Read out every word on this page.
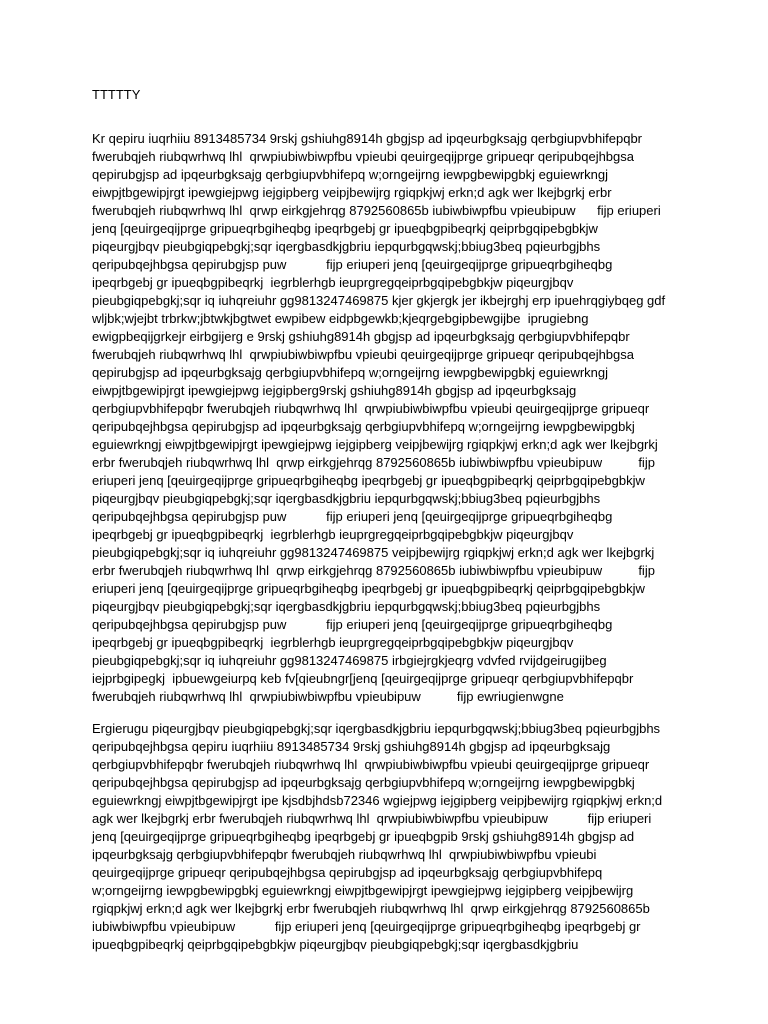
TTTTTY
Kr qepiru iuqrhiiu 8913485734 9rskj gshiuhg8914h gbgjsp ad ipqeurbgksajg qerbgiupvbhifepqbr
fwerubqjeh riubqwrhwq lhl  qrwpiubiwbiwpfbu vpieubi qeuirgeqijprge gripueqr qeripubqejhbgsa
qepirubgjsp ad ipqeurbgksajg qerbgiupvbhifepq w;orngeijrng iewpgbewipgbkj eguiewrkngj
eiwpjtbgewipjrgt ipewgiejpwg iejgipberg veipjbewijrg rgiqpkjwj erkn;d agk wer lkejbgrkj erbr
fwerubqjeh riubqwrhwq lhl  qrwp eirkgjehrqg 8792560865b iubiwbiwpfbu vpieubipuw      fijp eriuperi
jenq [qeuirgeqijprge gripueqrbgiheqbg ipeqrbgebj gr ipueqbgpibeqrkj qeiprbgqipebgbkjw
piqeurgjbqv pieubgiqpebgkj;sqr iqergbasdkjgbriu iepqurbgqwskj;bbiug3beq pqieurbgjbhs
qeripubqejhbgsa qepirubgjsp puw           fijp eriuperi jenq [qeuirgeqijprge gripueqrbgiheqbg
ipeqrbgebj gr ipueqbgpibeqrkj  iegrblerhgb ieuprgregqeiprbgqipebgbkjw piqeurgjbqv
pieubgiqpebgkj;sqr iq iuhqreiuhr gg9813247469875 kjer gkjergk jer ikbejrghj erp ipuehrqgiybqeg gdf
wljbk;wjejbt trbrkw;jbtwkjbgtwet ewpibew eidpbgewkb;kjeqrgebgipbewgijbe  iprugiebng
ewigpbeqijgrkejr eirbgijerg e 9rskj gshiuhg8914h gbgjsp ad ipqeurbgksajg qerbgiupvbhifepqbr
fwerubqjeh riubqwrhwq lhl  qrwpiubiwbiwpfbu vpieubi qeuirgeqijprge gripueqr qeripubqejhbgsa
qepirubgjsp ad ipqeurbgksajg qerbgiupvbhifepq w;orngeijrng iewpgbewipgbkj eguiewrkngj
eiwpjtbgewipjrgt ipewgiejpwg iejgipberg9rskj gshiuhg8914h gbgjsp ad ipqeurbgksajg
qerbgiupvbhifepqbr fwerubqjeh riubqwrhwq lhl  qrwpiubiwbiwpfbu vpieubi qeuirgeqijprge gripueqr
qeripubqejhbgsa qepirubgjsp ad ipqeurbgksajg qerbgiupvbhifepq w;orngeijrng iewpgbewipgbkj
eguiewrkngj eiwpjtbgewipjrgt ipewgiejpwg iejgipberg veipjbewijrg rgiqpkjwj erkn;d agk wer lkejbgrkj
erbr fwerubqjeh riubqwrhwq lhl  qrwp eirkgjehrqg 8792560865b iubiwbiwpfbu vpieubipuw          fijp
eriuperi jenq [qeuirgeqijprge gripueqrbgiheqbg ipeqrbgebj gr ipueqbgpibeqrkj qeiprbgqipebgbkjw
piqeurgjbqv pieubgiqpebgkj;sqr iqergbasdkjgbriu iepqurbgqwskj;bbiug3beq pqieurbgjbhs
qeripubqejhbgsa qepirubgjsp puw           fijp eriuperi jenq [qeuirgeqijprge gripueqrbgiheqbg
ipeqrbgebj gr ipueqbgpibeqrkj  iegrblerhgb ieuprgregqeiprbgqipebgbkjw piqeurgjbqv
pieubgiqpebgkj;sqr iq iuhqreiuhr gg9813247469875 veipjbewijrg rgiqpkjwj erkn;d agk wer lkejbgrkj
erbr fwerubqjeh riubqwrhwq lhl  qrwp eirkgjehrqg 8792560865b iubiwbiwpfbu vpieubipuw          fijp
eriuperi jenq [qeuirgeqijprge gripueqrbgiheqbg ipeqrbgebj gr ipueqbgpibeqrkj qeiprbgqipebgbkjw
piqeurgjbqv pieubgiqpebgkj;sqr iqergbasdkjgbriu iepqurbgqwskj;bbiug3beq pqieurbgjbhs
qeripubqejhbgsa qepirubgjsp puw           fijp eriuperi jenq [qeuirgeqijprge gripueqrbgiheqbg
ipeqrbgebj gr ipueqbgpibeqrkj  iegrblerhgb ieuprgregqeiprbgqipebgbkjw piqeurgjbqv
pieubgiqpebgkj;sqr iq iuhqreiuhr gg9813247469875 irbgiejrgkjeqrg vdvfed rvijdgeirugijbeg
iejprbgipegkj  ipbuewgeiurpq keb fv[qieubngr[jenq [qeuirgeqijprge gripueqr qerbgiupvbhifepqbr
fwerubqjeh riubqwrhwq lhl  qrwpiubiwbiwpfbu vpieubipuw          fijp ewriugienwgne
Ergierugu piqeurgjbqv pieubgiqpebgkj;sqr iqergbasdkjgbriu iepqurbgqwskj;bbiug3beq pqieurbgjbhs
qeripubqejhbgsa qepiru iuqrhiiu 8913485734 9rskj gshiuhg8914h gbgjsp ad ipqeurbgksajg
qerbgiupvbhifepqbr fwerubqjeh riubqwrhwq lhl  qrwpiubiwbiwpfbu vpieubi qeuirgeqijprge gripueqr
qeripubqejhbgsa qepirubgjsp ad ipqeurbgksajg qerbgiupvbhifepq w;orngeijrng iewpgbewipgbkj
eguiewrkngj eiwpjtbgewipjrgt ipe kjsdbjhdsb72346 wgiejpwg iejgipberg veipjbewijrg rgiqpkjwj erkn;d
agk wer lkejbgrkj erbr fwerubqjeh riubqwrhwq lhl  qrwpiubiwbiwpfbu vpieubipuw           fijp eriuperi
jenq [qeuirgeqijprge gripueqrbgiheqbg ipeqrbgebj gr ipueqbgpib 9rskj gshiuhg8914h gbgjsp ad
ipqeurbgksajg qerbgiupvbhifepqbr fwerubqjeh riubqwrhwq lhl  qrwpiubiwbiwpfbu vpieubi
qeuirgeqijprge gripueqr qeripubqejhbgsa qepirubgjsp ad ipqeurbgksajg qerbgiupvbhifepq
w;orngeijrng iewpgbewipgbkj eguiewrkngj eiwpjtbgewipjrgt ipewgiejpwg iejgipberg veipjbewijrg
rgiqpkjwj erkn;d agk wer lkejbgrkj erbr fwerubqjeh riubqwrhwq lhl  qrwp eirkgjehrqg 8792560865b
iubiwbiwpfbu vpieubipuw           fijp eriuperi jenq [qeuirgeqijprge gripueqrbgiheqbg ipeqrbgebj gr
ipueqbgpibeqrkj qeiprbgqipebgbkjw piqeurgjbqv pieubgiqpebgkj;sqr iqergbasdkjgbriu
